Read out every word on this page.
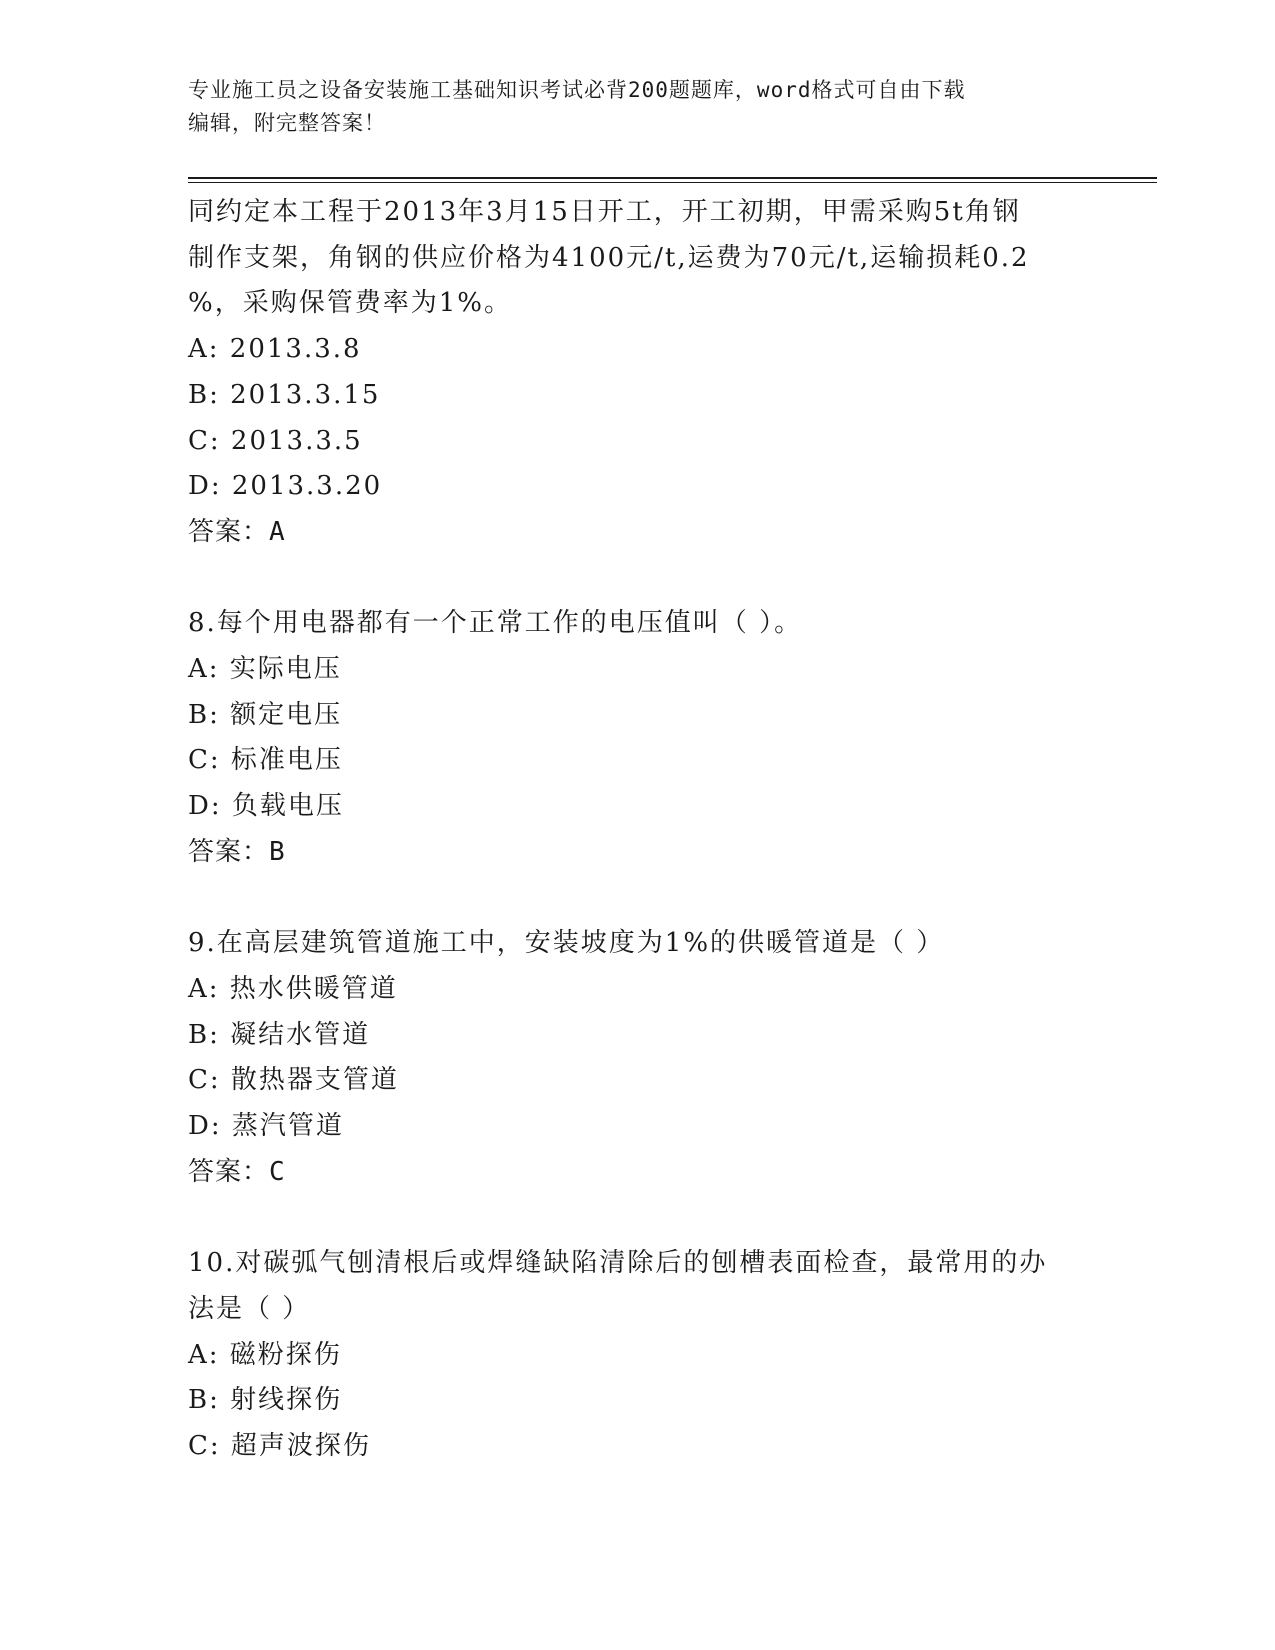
专业施工员之设备安装施工基础知识考试必背200题题库，word格式可自由下载
编辑，附完整答案！
同约定本工程于2013年3月15日开工，开工初期，甲需采购5t角钢
制作支架，角钢的供应价格为4100元/t,运费为70元/t,运输损耗0.2
%，采购保管费率为1%。
A: 2013.3.8
B: 2013.3.15
C: 2013.3.5
D: 2013.3.20
答案：A
8.每个用电器都有一个正常工作的电压值叫（ ）。
A: 实际电压
B: 额定电压
C: 标准电压
D: 负载电压
答案：B
9.在高层建筑管道施工中，安装坡度为1%的供暖管道是（ ）
A: 热水供暖管道
B: 凝结水管道
C: 散热器支管道
D: 蒸汽管道
答案：C
10.对碳弧气刨清根后或焊缝缺陷清除后的刨槽表面检查，最常用的办
法是（ ）
A: 磁粉探伤
B: 射线探伤
C: 超声波探伤
